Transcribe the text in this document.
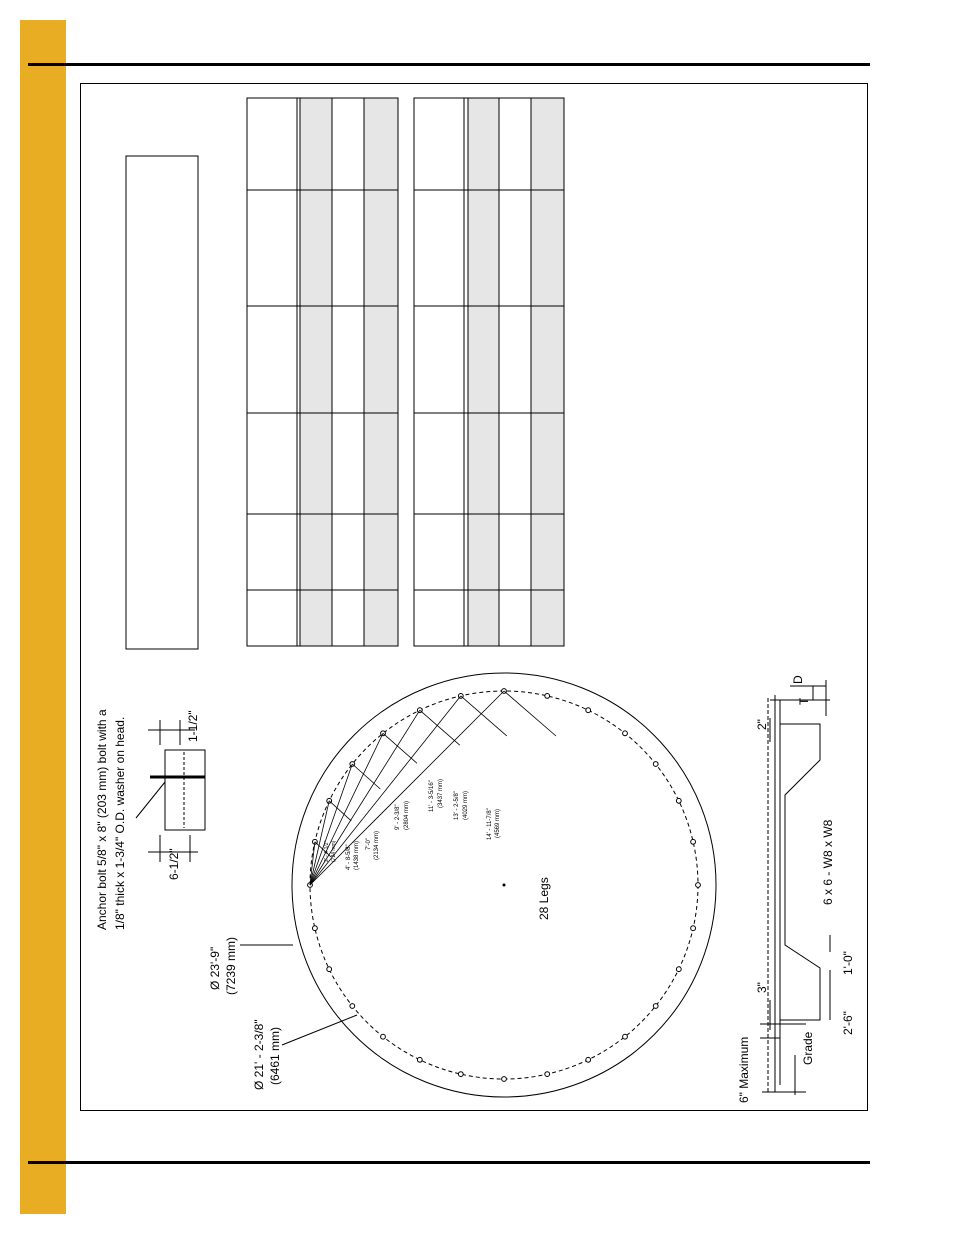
Anchor bolt 5/8" x 8" (203 mm) bolt with a 1/8" thick x 1-3/4" O.D. washer on head.	6-1/2"
1-1/2"
Ø 23'-9" (7239 mm)
Ø 21' - 2-3/8" (6461 mm)
28 Legs
2' - 4-1/2" (724 mm) 4' - 8-5/8" (1438 mm) 7'-0" (2134 mm)
9' - 2-3/8" (2804 mm)
11' - 3-5/16" (3437 mm) 13' - 2-5/8" (4029 mm)
14' - 11-7/8" (4569 mm)
6" Maximum	Grade
3"
2"
T
D
2'-6"
1'-0"
6 x 6 - W8 x W8
